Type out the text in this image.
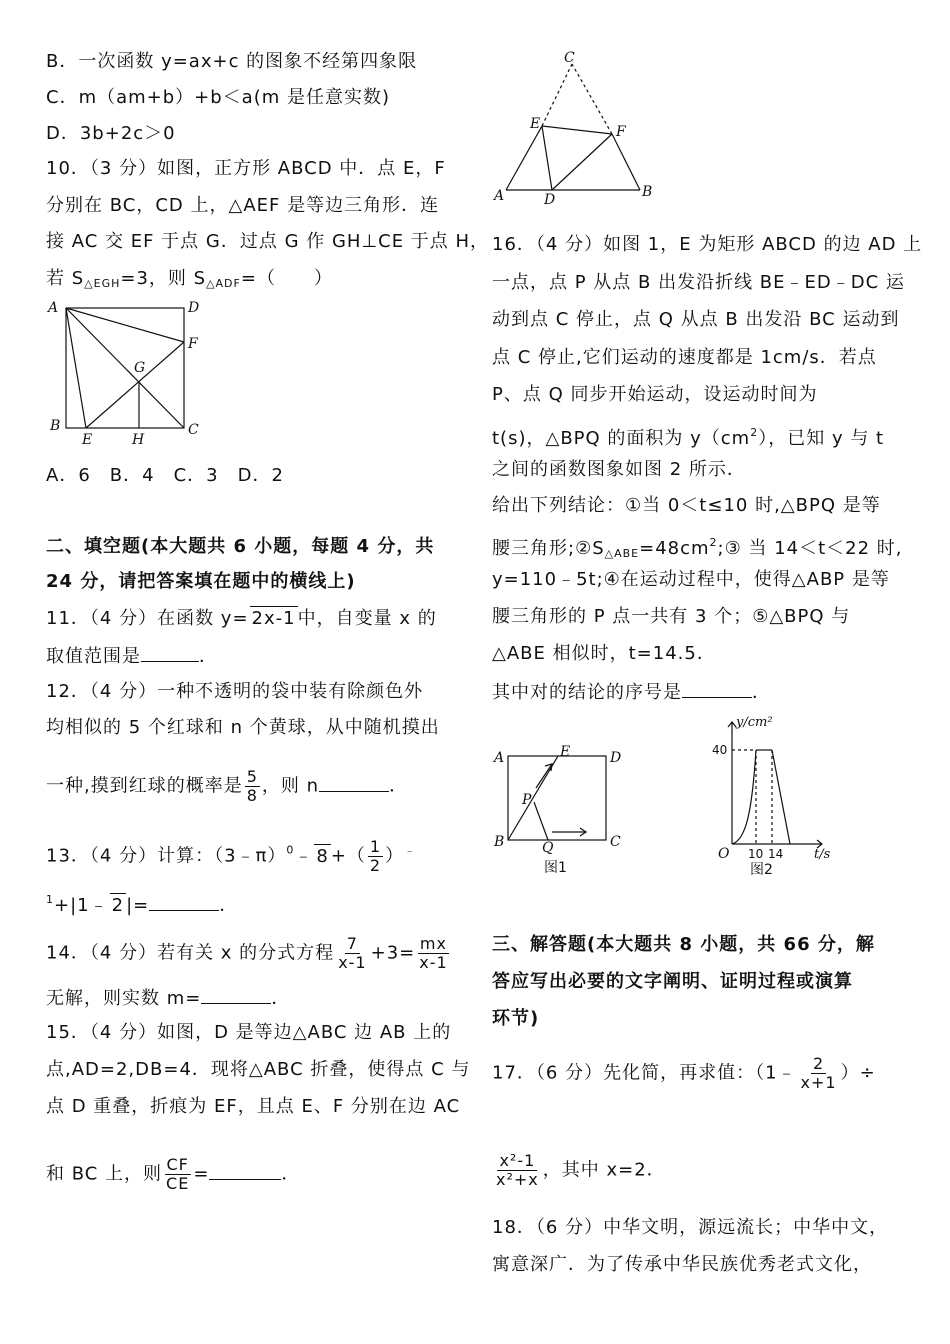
B．一次函数 y=ax+c 的图象不经第四象限
C．m（am+b）+b＜a(m 是任意实数)
D．3b+2c＞0
10．（3 分）如图，正方形 ABCD 中．点 E，F
分别在 BC，CD 上，△AEF 是等边三角形．连
接 AC 交 EF 于点 G．过点 G 作 GH⊥CE 于点 H，
若 $S_{\triangle EGH}=3$，则 $S_{\triangle ADF}=$（　　）
A	D
F
G
B
E	H
C
A．6　B．4　C．3　D．2
二、填空题(本大题共 6 小题，每题 4 分，共
24 分，请把答案填在题中的横线上)
11．（4 分）在函数 y= 2x-1 中，自变量 x 的
取值范围是	．
12．（4 分）一种不透明的袋中装有除颜色外
均相似的 5 个红球和 n 个黄球，从中随机摸出
一种,摸到红球的概率是 $\frac{5}{8}$ ，则 n	．
13．（4 分）计算：（3﹣π）$^0$﹣ 8 +（ $\frac{1}{2} )^﹣$
$^1$+|1﹣ 2 |=	．
14．（4 分）若有关 x 的分式方程 $\frac{7}{x-1} +3= \frac{mx}{x-1}$
无解，则实数 m=	．
15．（4 分）如图，D 是等边△ABC 边 AB 上的
点,AD=2,DB=4．现将△ABC 折叠，使得点 C 与
点 D 重叠，折痕为 EF，且点 E、F 分别在边 AC
和 BC 上，则 $\frac{CF}{CE}$ =	．
C
E	F
A	D	B
16．（4 分）如图 1，E 为矩形 ABCD 的边 AD 上
一点，点 P 从点 B 出发沿折线 BE﹣ED﹣DC 运
动到点 C 停止，点 Q 从点 B 出发沿 BC 运动到
点 C 停止,它们运动的速度都是 1cm/s．若点
P、点 Q 同步开始运动，设运动时间为
t(s)，△BPQ 的面积为 $y(cm^2)$，已知 y 与 t
之间的函数图象如图 2 所示．
给出下列结论：①当 0＜t≤10 时,△BPQ 是等
腰三角形$;②S_{\triangle ABE}=48cm^2;③$ 当 14＜t＜22 时,
y=110﹣5t;④在运动过程中，使得△ABP 是等
腰三角形的 P 点一共有 3 个；⑤△BPQ 与
△ABE 相似时，t=14.5．
其中对的结论的序号是	．
A	E	D
P
B	Q	C
图1
y/cm²
40
O 10 14 t/s
图2
三、解答题(本大题共 8 小题，共 66 分，解
答应写出必要的文字阐明、证明过程或演算
环节)
17．（6 分）先化简，再求值：（1﹣ $\frac{2}{x+1}$ ）÷
$\frac{\text{x²-1}}{\text{x²+x}}$ ，其中 x=2．
18．（6 分）中华文明，源远流长；中华中文，
寓意深广．为了传承中华民族优秀老式文化，
